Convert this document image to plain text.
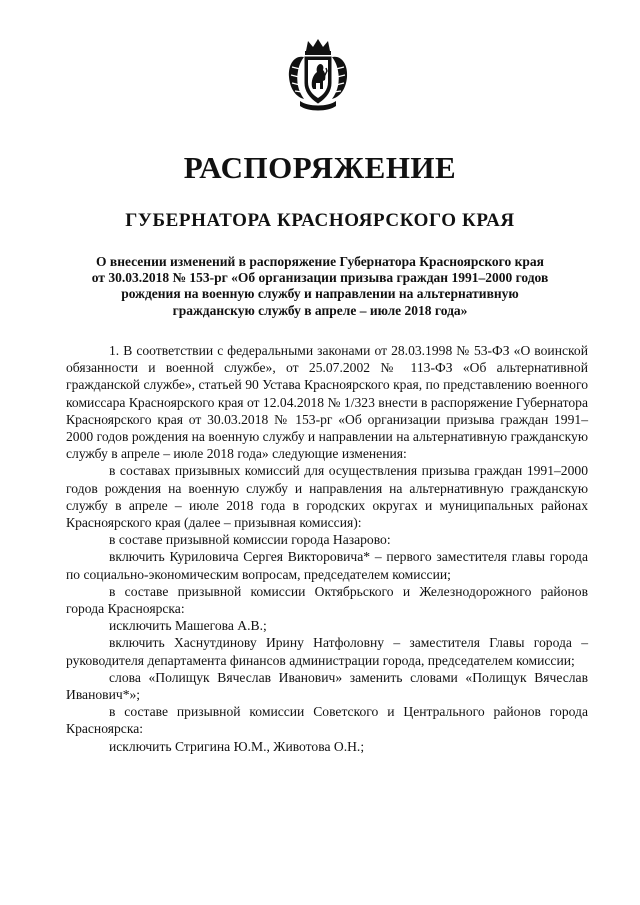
РАСПОРЯЖЕНИЕ
ГУБЕРНАТОРА КРАСНОЯРСКОГО КРАЯ
О внесении изменений в распоряжение Губернатора Красноярского края
от 30.03.2018 № 153-рг «Об организации призыва граждан 1991–2000 годов
рождения на военную службу и направлении на альтернативную
гражданскую службу в апреле – июле 2018 года»

1. В соответствии с федеральными законами от 28.03.1998 № 53-ФЗ «О воинской обязанности и военной службе», от 25.07.2002 № 113-ФЗ «Об альтернативной гражданской службе», статьей 90 Устава Красноярского края, по представлению военного комиссара Красноярского края от 12.04.2018 № 1/323 внести в распоряжение Губернатора Красноярского края от 30.03.2018 № 153-рг «Об организации призыва граждан 1991–2000 годов рождения на военную службу и направлении на альтернативную гражданскую службу в апреле – июле 2018 года» следующие изменения:

в составах призывных комиссий для осуществления призыва граждан 1991–2000 годов рождения на военную службу и направления на альтернативную гражданскую службу в апреле – июле 2018 года в городских округах и муниципальных районах Красноярского края (далее – призывная комиссия):

в составе призывной комиссии города Назарово:

включить Куриловича Сергея Викторовича* – первого заместителя главы города по социально-экономическим вопросам, председателем комиссии;

в составе призывной комиссии Октябрьского и Железнодорожного районов города Красноярска:

исключить Машегова А.В.;

включить Хаснутдинову Ирину Натфоловну – заместителя Главы города – руководителя департамента финансов администрации города, председателем комиссии;

слова «Полищук Вячеслав Иванович» заменить словами «Полищук Вячеслав Иванович*»;

в составе призывной комиссии Советского и Центрального районов города Красноярска:

исключить Стригина Ю.М., Животова О.Н.;
